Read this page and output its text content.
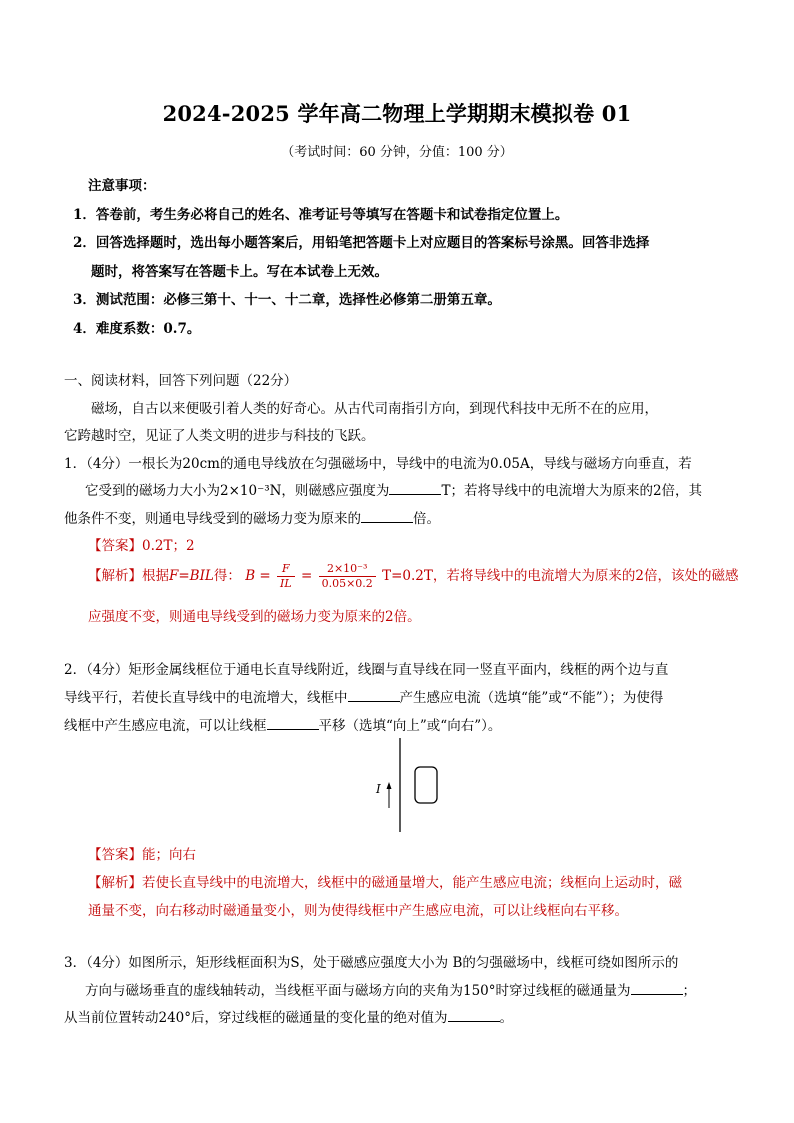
2024-2025 学年高二物理上学期期末模拟卷 01
（考试时间：60 分钟，分值：100 分）
注意事项：
1．答卷前，考生务必将自己的姓名、准考证号等填写在答题卡和试卷指定位置上。
2．回答选择题时，选出每小题答案后，用铅笔把答题卡上对应题目的答案标号涂黑。回答非选择
题时，将答案写在答题卡上。写在本试卷上无效。
3．测试范围：必修三第十、十一、十二章，选择性必修第二册第五章。
4．难度系数：0.7。
一、阅读材料，回答下列问题（22分）
磁场，自古以来便吸引着人类的好奇心。从古代司南指引方向，到现代科技中无所不在的应用，
它跨越时空，见证了人类文明的进步与科技的飞跃。
1．（4分）一根长为20cm的通电导线放在匀强磁场中，导线中的电流为0.05A，导线与磁场方向垂直，若
它受到的磁场力大小为2×10⁻³N，则磁感应强度为	T；若将导线中的电流增大为原来的2倍，其
他条件不变，则通电导线受到的磁场力变为原来的	倍。
【答案】0.2T；2
【解析】根据F=BIL得： $B = \frac{F}{IL} = \frac{\text{2×10⁻³}}{0.05\times 0.2} T=0.2T$，若将导线中的电流增大为原来的2倍，该处的磁感
应强度不变，则通电导线受到的磁场力变为原来的2倍。
2．（4分）矩形金属线框位于通电长直导线附近，线圈与直导线在同一竖直平面内，线框的两个边与直
导线平行，若使长直导线中的电流增大，线框中	产生感应电流（选填“能”或“不能”）；为使得
线框中产生感应电流，可以让线框	平移（选填“向上”或“向右”）。
I
【答案】能；向右
【解析】若使长直导线中的电流增大，线框中的磁通量增大，能产生感应电流；线框向上运动时，磁
通量不变，向右移动时磁通量变小，则为使得线框中产生感应电流，可以让线框向右平移。
3．（4分）如图所示，矩形线框面积为S，处于磁感应强度大小为 B的匀强磁场中，线框可绕如图所示的
方向与磁场垂直的虚线轴转动，当线框平面与磁场方向的夹角为150°时穿过线框的磁通量为	；
从当前位置转动240°后，穿过线框的磁通量的变化量的绝对值为	。
